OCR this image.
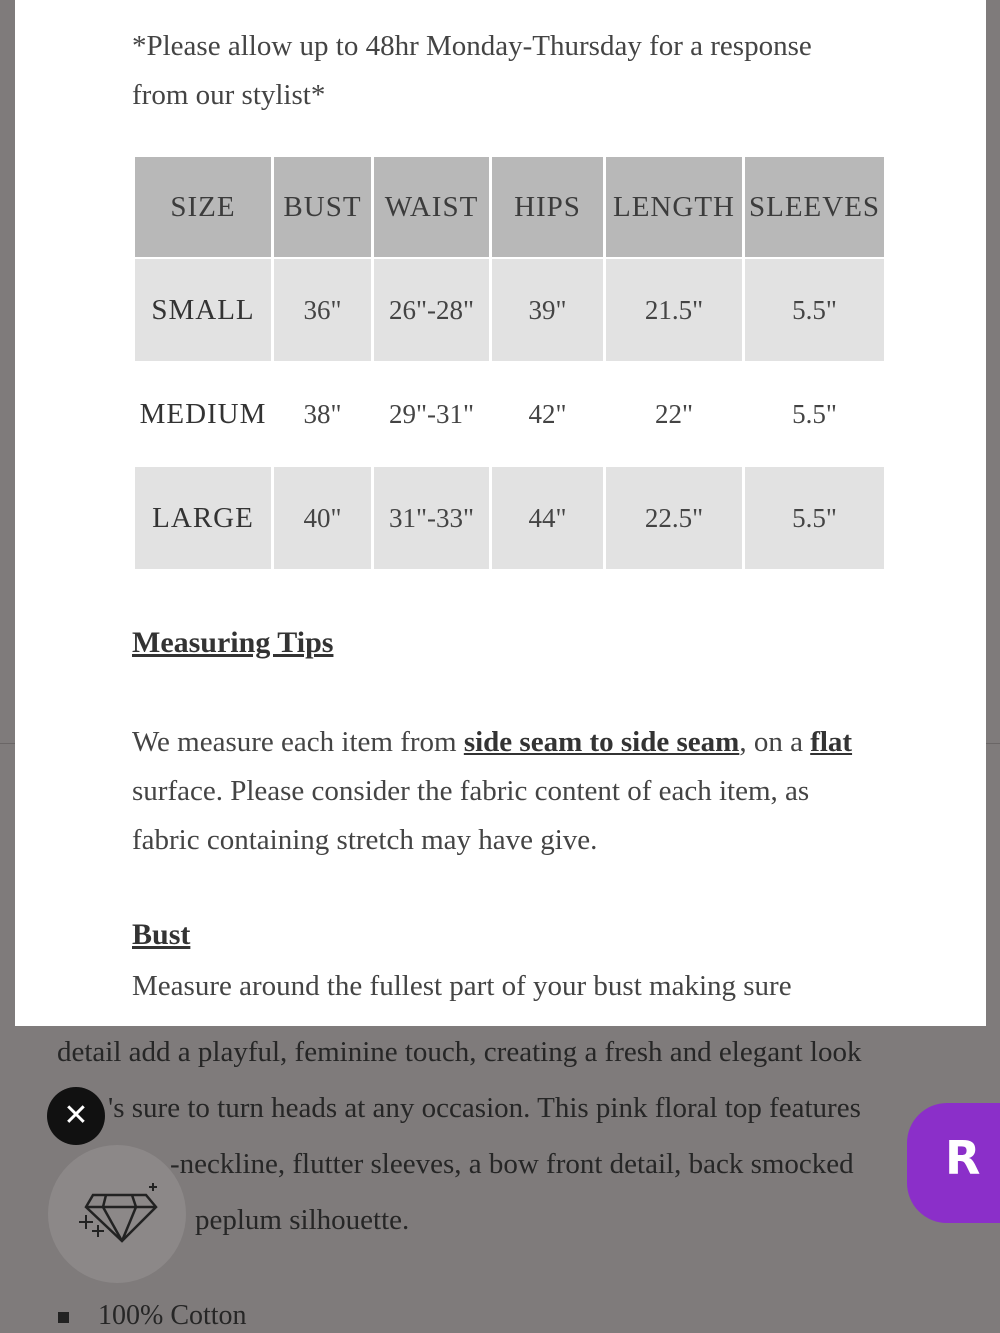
detail add a playful, feminine touch, creating a fresh and elegant look
's sure to turn heads at any occasion. This pink floral top features
-neckline, flutter sleeves, a bow front detail, back smocked
peplum silhouette.
100% Cotton
*Please allow up to 48hr Monday-Thursday for a response from our stylist*
SIZE	BUST	WAIST	HIPS	LENGTH	SLEEVES
SMALL	36"	26"-28"	39"	21.5"	5.5"
MEDIUM	38"	29"-31"	42"	22"	5.5"
LARGE	40"	31"-33"	44"	22.5"	5.5"
Measuring Tips
We measure each item from side seam to side seam, on a flat surface. Please consider the fabric content of each item, as fabric containing stretch may have give.
Bust
Measure around the fullest part of your bust making sure
✕
R
